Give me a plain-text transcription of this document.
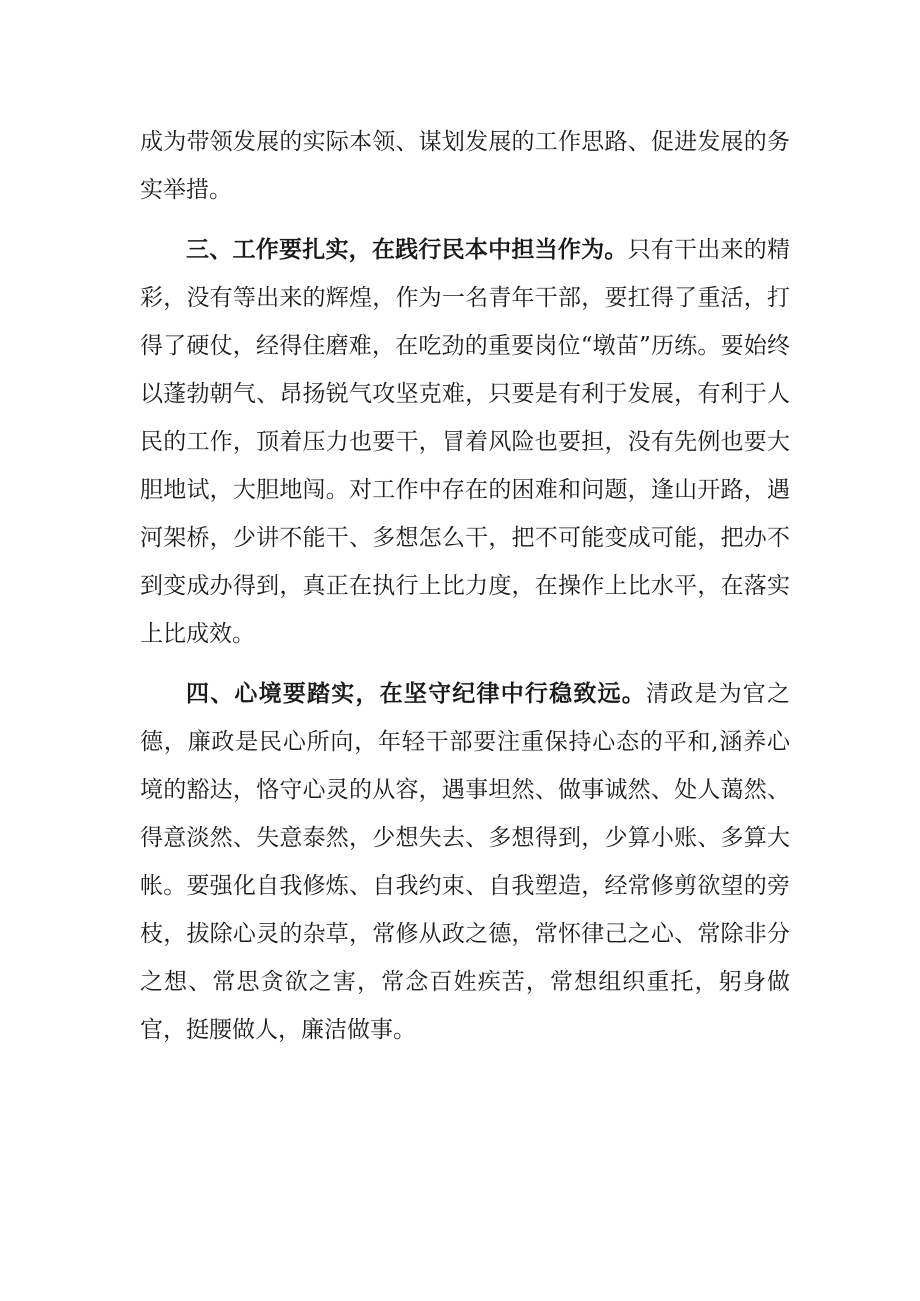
成为带领发展的实际本领、谋划发展的工作思路、促进发展的务实举措。

三、工作要扎实，在践行民本中担当作为。只有干出来的精彩，没有等出来的辉煌，作为一名青年干部，要扛得了重活，打得了硬仗，经得住磨难，在吃劲的重要岗位“墩苗”历练。要始终以蓬勃朝气、昂扬锐气攻坚克难，只要是有利于发展，有利于人民的工作，顶着压力也要干，冒着风险也要担，没有先例也要大胆地试，大胆地闯。对工作中存在的困难和问题，逢山开路，遇河架桥，少讲不能干、多想怎么干，把不可能变成可能，把办不到变成办得到，真正在执行上比力度，在操作上比水平，在落实上比成效。

四、心境要踏实，在坚守纪律中行稳致远。清政是为官之德，廉政是民心所向，年轻干部要注重保持心态的平和,涵养心境的豁达，恪守心灵的从容，遇事坦然、做事诚然、处人蔼然、得意淡然、失意泰然，少想失去、多想得到，少算小账、多算大帐。要强化自我修炼、自我约束、自我塑造，经常修剪欲望的旁枝，拔除心灵的杂草，常修从政之德，常怀律己之心、常除非分之想、常思贪欲之害，常念百姓疾苦，常想组织重托，躬身做官，挺腰做人，廉洁做事。
